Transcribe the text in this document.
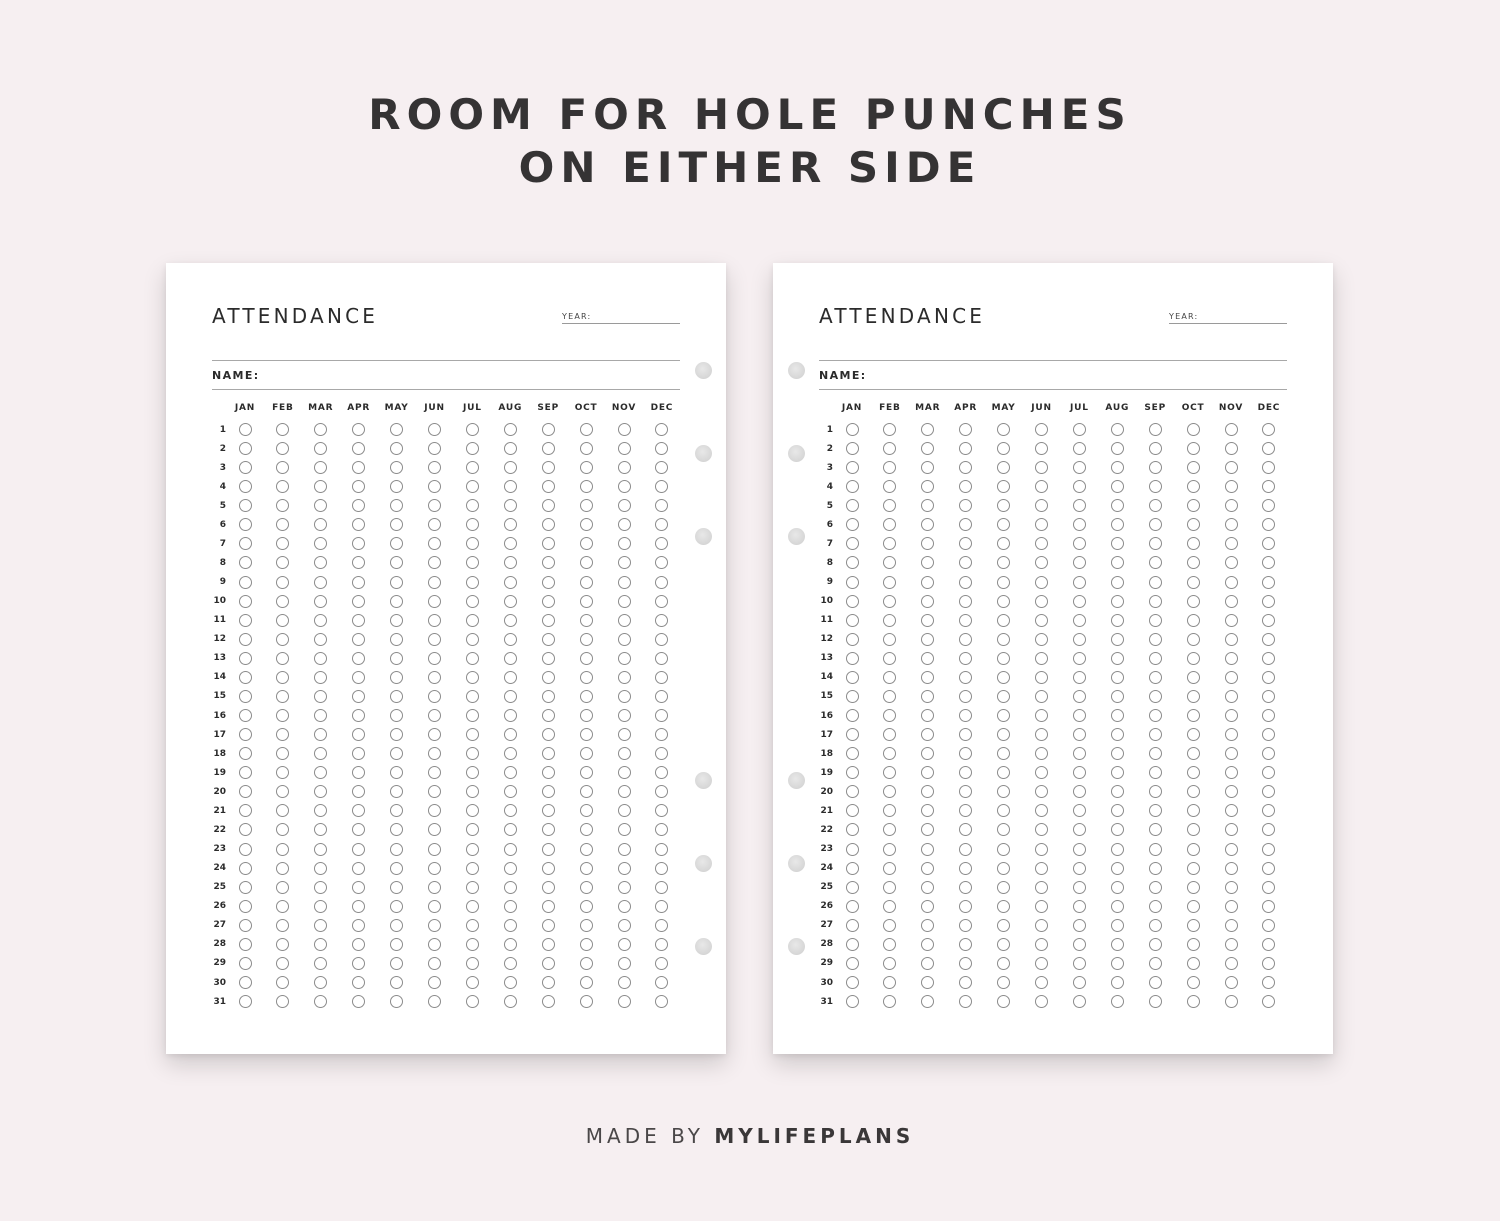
ROOM FOR HOLE PUNCHES
ON EITHER SIDE
ATTENDANCE	YEAR:
NAME:
JAN	FEB	MAR	APR	MAY	JUN	JUL	AUG	SEP	OCT	NOV	DEC
1
2
3
4
5
6
7
8
9
10
11
12
13
14
15
16
17
18
19
20
21
22
23
24
25
26
27
28
29
30
31
ATTENDANCE	YEAR:
NAME:
JAN	FEB	MAR	APR	MAY	JUN	JUL	AUG	SEP	OCT	NOV	DEC
1
2
3
4
5
6
7
8
9
10
11
12
13
14
15
16
17
18
19
20
21
22
23
24
25
26
27
28
29
30
31
MADE BY MYLIFEPLANS
